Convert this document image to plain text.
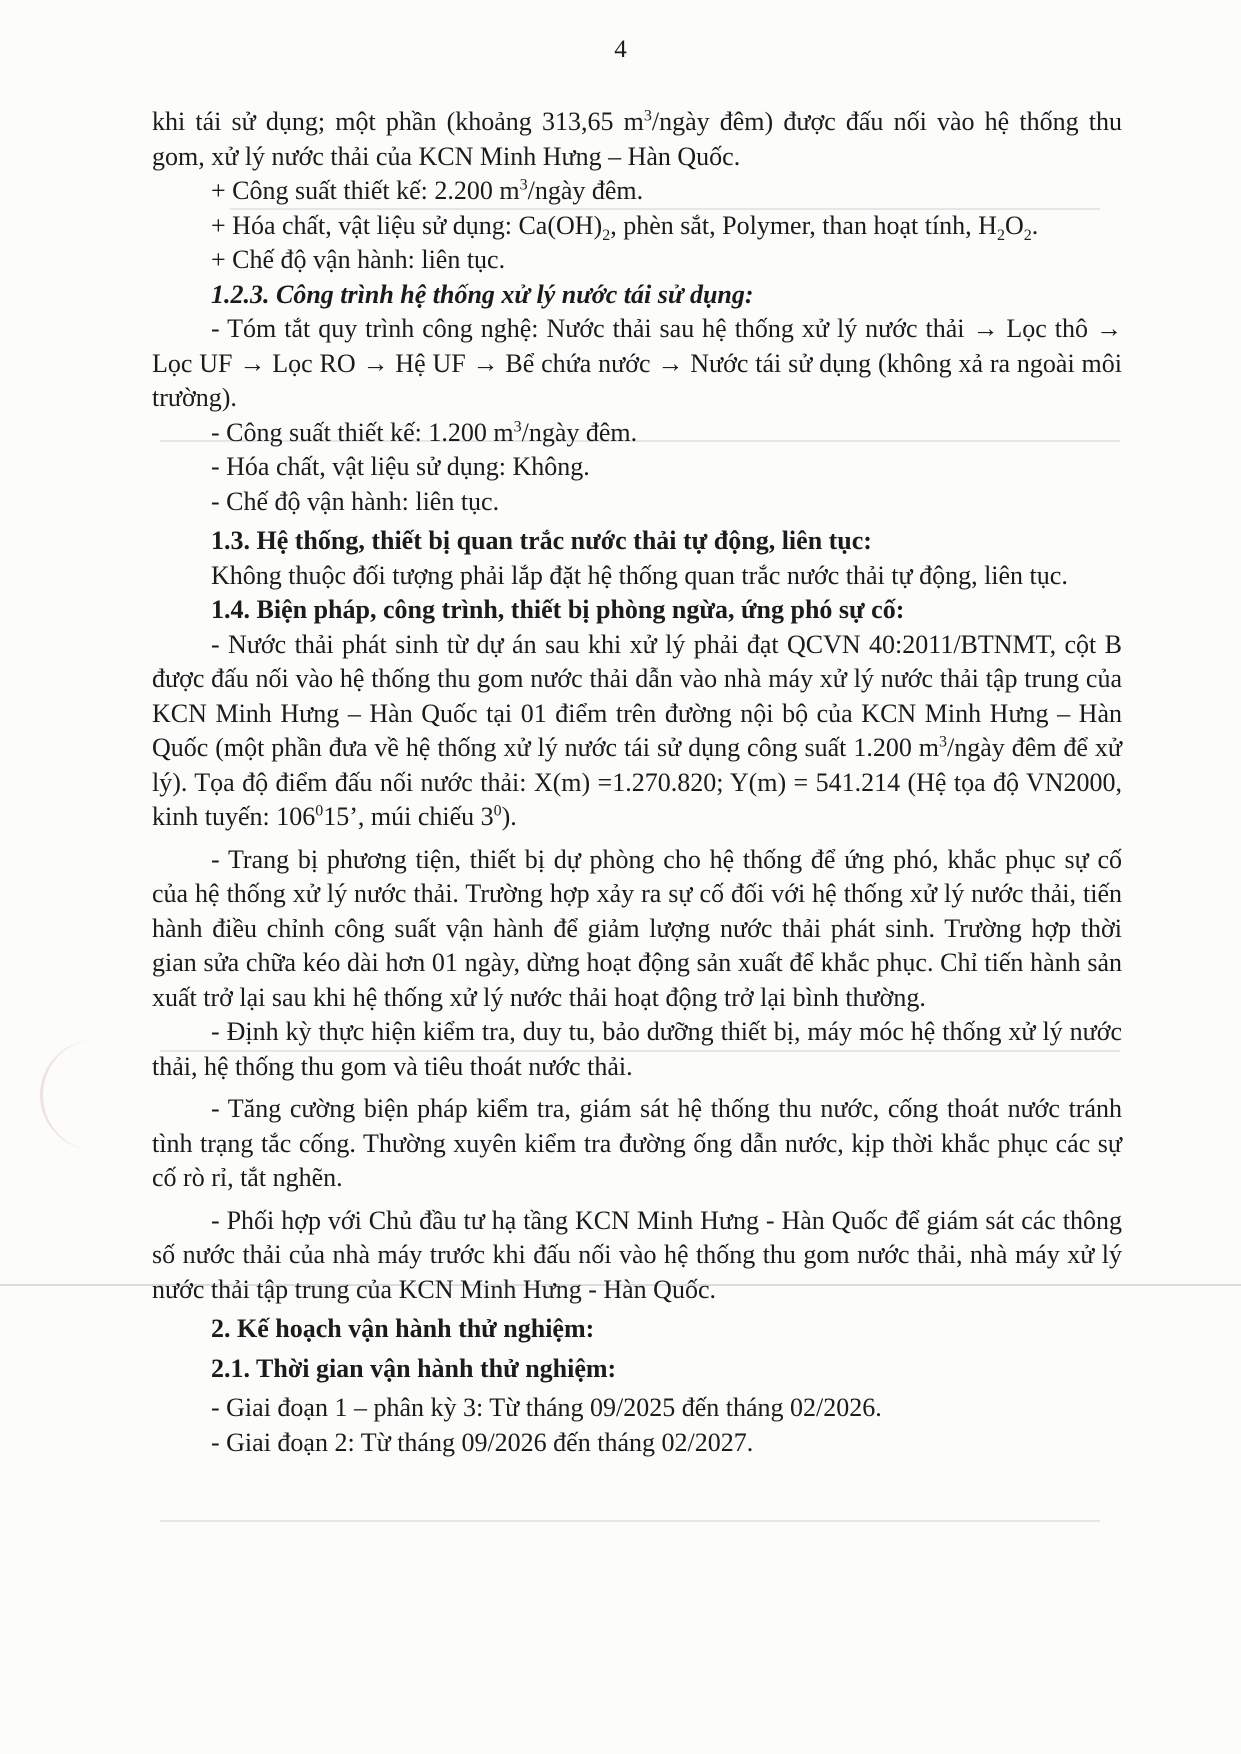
4

khi tái sử dụng; một phần (khoảng 313,65 $m^3$/ngày đêm) được đấu nối vào hệ thống thu gom, xử lý nước thải của KCN Minh Hưng – Hàn Quốc.

+ Công suất thiết kế: 2.200 $m^3$/ngày đêm.

+ Hóa chất, vật liệu sử dụng: $Ca(OH)_2$, phèn sắt, Polymer, than hoạt tính, $H_2O_2$.

+ Chế độ vận hành: liên tục.

1.2.3. Công trình hệ thống xử lý nước tái sử dụng:

- Tóm tắt quy trình công nghệ: Nước thải sau hệ thống xử lý nước thải → Lọc thô → Lọc UF → Lọc RO → Hệ UF → Bể chứa nước → Nước tái sử dụng (không xả ra ngoài môi trường).

- Công suất thiết kế: 1.200 $m^3$/ngày đêm.

- Hóa chất, vật liệu sử dụng: Không.

- Chế độ vận hành: liên tục.

1.3. Hệ thống, thiết bị quan trắc nước thải tự động, liên tục:

Không thuộc đối tượng phải lắp đặt hệ thống quan trắc nước thải tự động, liên tục.

1.4. Biện pháp, công trình, thiết bị phòng ngừa, ứng phó sự cố:

- Nước thải phát sinh từ dự án sau khi xử lý phải đạt QCVN 40:2011/BTNMT, cột B được đấu nối vào hệ thống thu gom nước thải dẫn vào nhà máy xử lý nước thải tập trung của KCN Minh Hưng – Hàn Quốc tại 01 điểm trên đường nội bộ của KCN Minh Hưng – Hàn Quốc (một phần đưa về hệ thống xử lý nước tái sử dụng công suất 1.200 $m^3$/ngày đêm để xử lý). Tọa độ điểm đấu nối nước thải: X(m) =1.270.820; Y(m) = 541.214 (Hệ tọa độ VN2000, kinh tuyến: $106^015$’, múi chiếu $3^0$).

- Trang bị phương tiện, thiết bị dự phòng cho hệ thống để ứng phó, khắc phục sự cố của hệ thống xử lý nước thải. Trường hợp xảy ra sự cố đối với hệ thống xử lý nước thải, tiến hành điều chỉnh công suất vận hành để giảm lượng nước thải phát sinh. Trường hợp thời gian sửa chữa kéo dài hơn 01 ngày, dừng hoạt động sản xuất để khắc phục. Chỉ tiến hành sản xuất trở lại sau khi hệ thống xử lý nước thải hoạt động trở lại bình thường.

- Định kỳ thực hiện kiểm tra, duy tu, bảo dưỡng thiết bị, máy móc hệ thống xử lý nước thải, hệ thống thu gom và tiêu thoát nước thải.

- Tăng cường biện pháp kiểm tra, giám sát hệ thống thu nước, cống thoát nước tránh tình trạng tắc cống. Thường xuyên kiểm tra đường ống dẫn nước, kịp thời khắc phục các sự cố rò rỉ, tắt nghẽn.

- Phối hợp với Chủ đầu tư hạ tầng KCN Minh Hưng - Hàn Quốc để giám sát các thông số nước thải của nhà máy trước khi đấu nối vào hệ thống thu gom nước thải, nhà máy xử lý nước thải tập trung của KCN Minh Hưng - Hàn Quốc.

2. Kế hoạch vận hành thử nghiệm:

2.1. Thời gian vận hành thử nghiệm:

- Giai đoạn 1 – phân kỳ 3: Từ tháng 09/2025 đến tháng 02/2026.

- Giai đoạn 2: Từ tháng 09/2026 đến tháng 02/2027.
